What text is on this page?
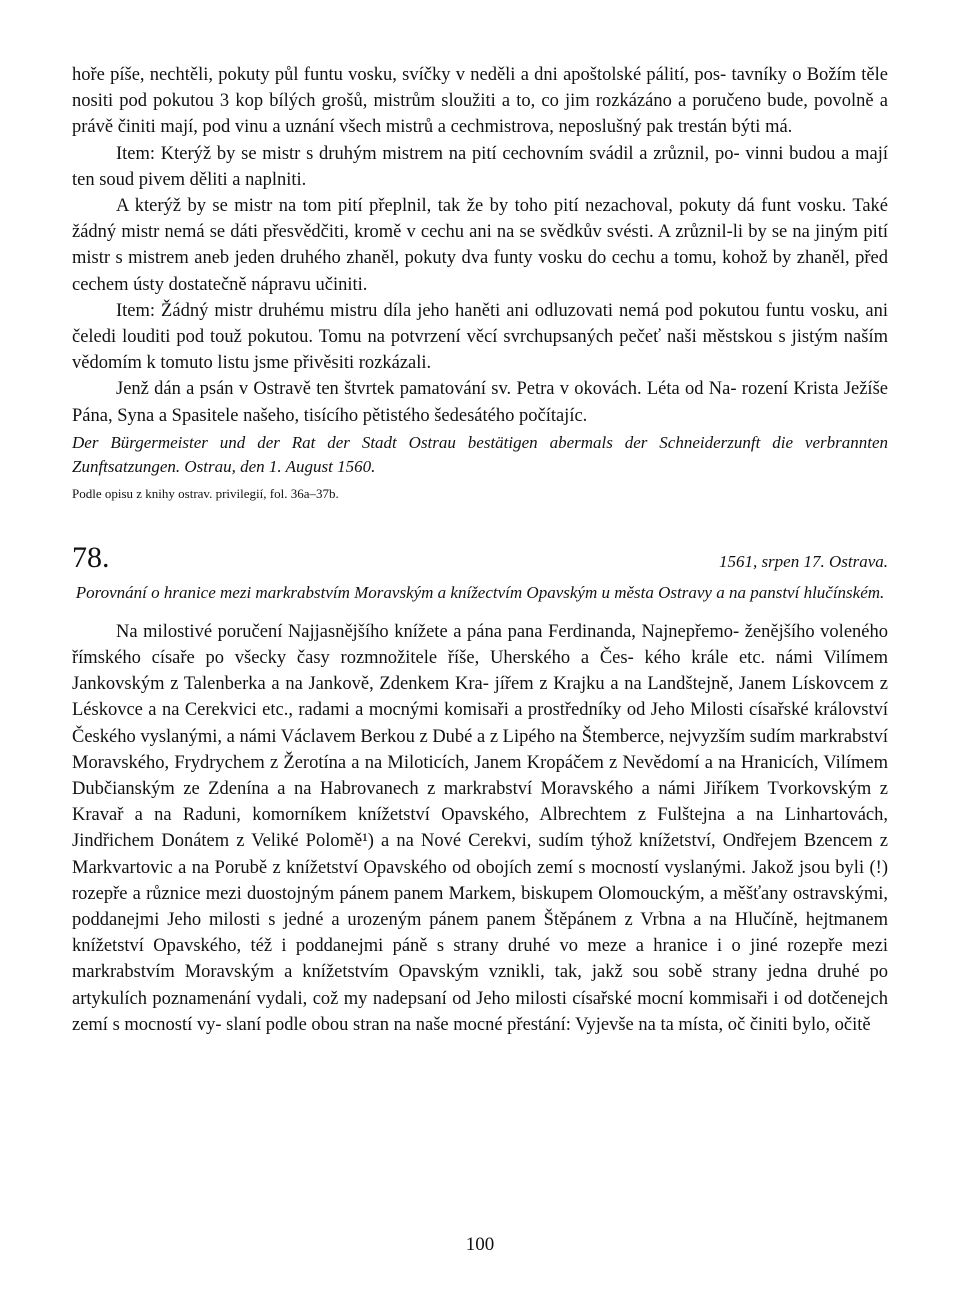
hoře píše, nechtěli, pokuty půl funtu vosku, svíčky v neděli a dni apoštolské pálití, pos- tavníky o Božím těle nositi pod pokutou 3 kop bílých grošů, mistrům sloužiti a to, co jim rozkázáno a poručeno bude, povolně a právě činiti mají, pod vinu a uznání všech mistrů a cechmistrova, neposlušný pak trestán býti má.

Item: Kterýž by se mistr s druhým mistrem na pití cechovním svádil a zrůznil, po- vinni budou a mají ten soud pivem děliti a naplniti.

A kterýž by se mistr na tom pití přeplnil, tak že by toho pití nezachoval, pokuty dá funt vosku. Také žádný mistr nemá se dáti přesvědčiti, kromě v cechu ani na se svědkův svésti. A zrůznil-li by se na jiným pití mistr s mistrem aneb jeden druhého zhaněl, pokuty dva funty vosku do cechu a tomu, kohož by zhaněl, před cechem ústy dostatečně nápravu učiniti.

Item: Žádný mistr druhému mistru díla jeho haněti ani odluzovati nemá pod pokutou funtu vosku, ani čeledi louditi pod touž pokutou. Tomu na potvrzení věcí svrchupsaných pečeť naši městskou s jistým naším vědomím k tomuto listu jsme přivěsiti rozkázali.

Jenž dán a psán v Ostravě ten štvrtek pamatování sv. Petra v okovách. Léta od Na- rození Krista Ježíše Pána, Syna a Spasitele našeho, tisícího pětistého šedesátého počítajíc.

Der Bürgermeister und der Rat der Stadt Ostrau bestätigen abermals der Schneiderzunft die verbrannten Zunftsatzungen. Ostrau, den 1. August 1560.

Podle opisu z knihy ostrav. privilegií, fol. 36a–37b.

78.	1561, srpen 17. Ostrava.

Porovnání o hranice mezi markrabstvím Moravským a knížectvím Opavským u města Ostravy a na panství hlučínském.

Na milostivé poručení Najjasnějšího knížete a pána pana Ferdinanda, Najnepřemo- ženějšího voleného římského císaře po všecky časy rozmnožitele říše, Uherského a Čes- kého krále etc. námi Vilímem Jankovským z Talenberka a na Jankově, Zdenkem Kra- jířem z Krajku a na Landštejně, Janem Lískovcem z Léskovce a na Cerekvici etc., radami a mocnými komisaři a prostředníky od Jeho Milosti císařské království Českého vyslanými, a námi Václavem Berkou z Dubé a z Lipého na Štemberce, nejvyzším sudím markrabství Moravského, Frydrychem z Žerotína a na Miloticích, Janem Kropáčem z Nevědomí a na Hranicích, Vilímem Dubčianským ze Zdenína a na Habrovanech z markrabství Moravského a námi Jiříkem Tvorkovským z Kravař a na Raduni, komorníkem knížetství Opavského, Albrechtem z Fulštejna a na Linhartovách, Jindřichem Donátem z Veliké Polomě¹) a na Nové Cerekvi, sudím týhož knížetství, Ondřejem Bzencem z Markvartovic a na Porubě z knížetství Opavského od obojích zemí s mocností vyslanými. Jakož jsou byli (!) rozepře a různice mezi duostojným pánem panem Markem, biskupem Olomouckým, a měšťany ostravskými, poddanejmi Jeho milosti s jedné a urozeným pánem panem Štěpánem z Vrbna a na Hlučíně, hejtmanem knížetství Opavského, též i poddanejmi páně s strany druhé vo meze a hranice i o jiné rozepře mezi markrabstvím Moravským a knížetstvím Opavským vznikli, tak, jakž sou sobě strany jedna druhé po artykulích poznamenání vydali, což my nadepsaní od Jeho milosti císařské mocní kommisaři i od dotčenejch zemí s mocností vy- slaní podle obou stran na naše mocné přestání: Vyjevše na ta místa, oč činiti bylo, očitě

100
